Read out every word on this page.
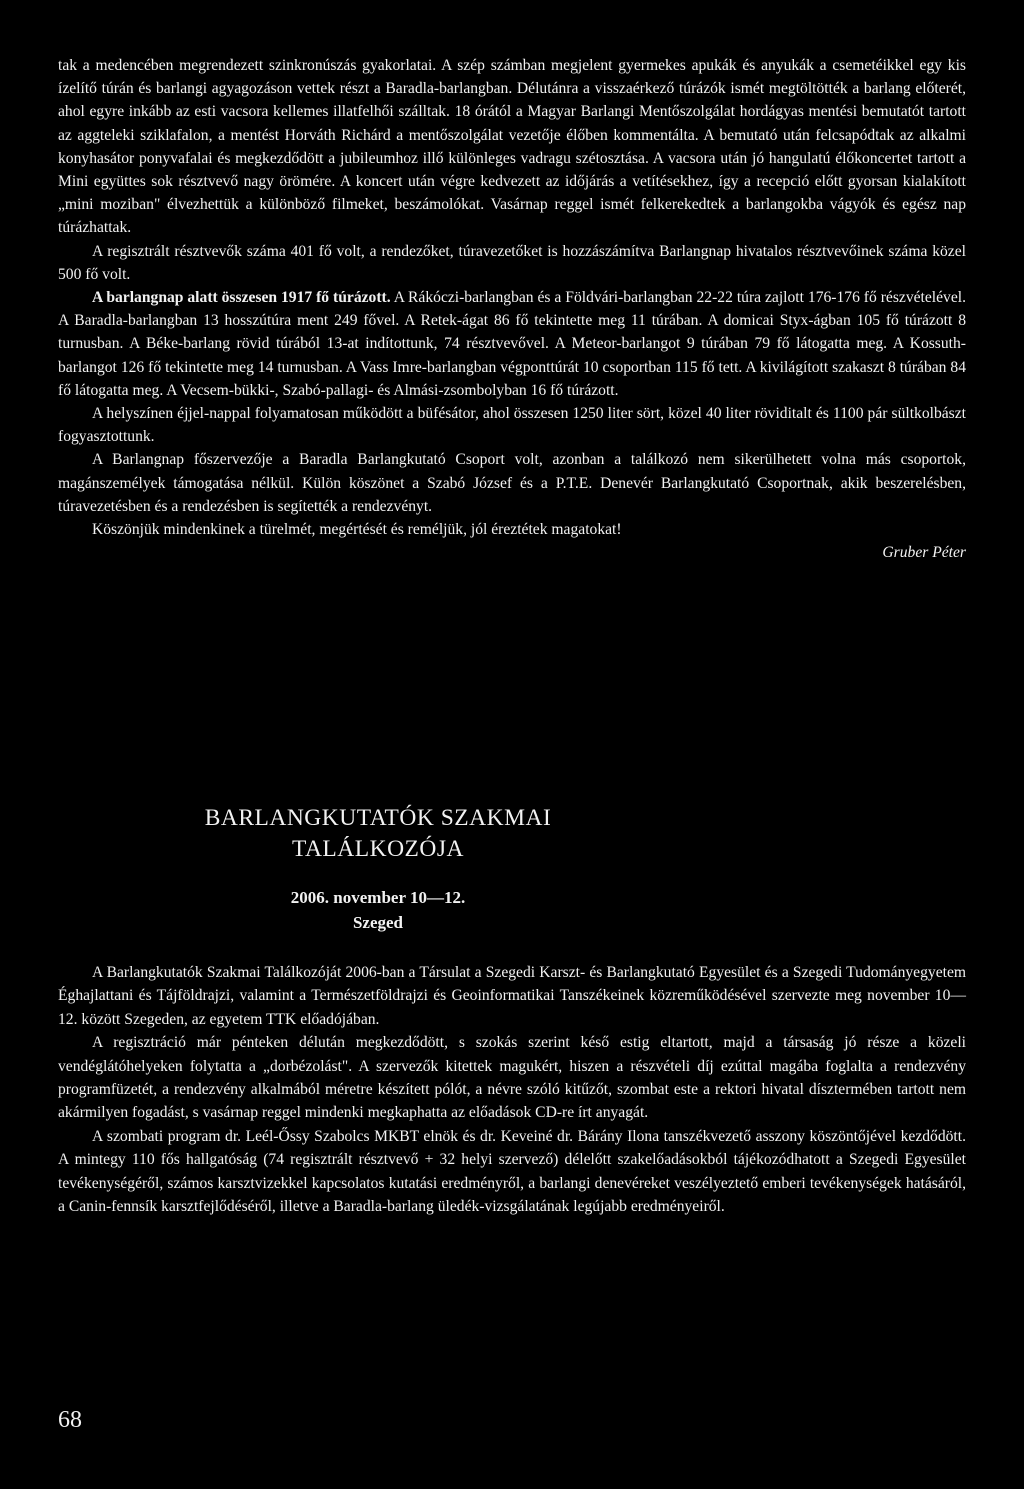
tak a medencében megrendezett szinkronúszás gyakorlatai. A szép számban megjelent gyermekes apukák és anyukák a csemetéikkel egy kis ízelítő túrán és barlangi agyagozáson vettek részt a Baradla-barlangban. Délutánra a visszaérkező túrázók ismét megtöltötték a barlang előterét, ahol egyre inkább az esti vacsora kellemes illatfelhői szálltak. 18 órától a Magyar Barlangi Mentőszolgálat hordágyas mentési bemutatót tartott az aggteleki sziklafalon, a mentést Horváth Richárd a mentőszolgálat vezetője élőben kommentálta. A bemutató után felcsapódtak az alkalmi konyhasátor ponyvafalai és megkezdődött a jubileumhoz illő különleges vadragu szétosztása. A vacsora után jó hangulatú élőkoncertet tartott a Mini együttes sok résztvevő nagy örömére. A koncert után végre kedvezett az időjárás a vetítésekhez, így a recepció előtt gyorsan kialakított „mini moziban" élvezhettük a különböző filmeket, beszámolókat. Vasárnap reggel ismét felkerekedtek a barlangokba vágyók és egész nap túrázhattak.

A regisztrált résztvevők száma 401 fő volt, a rendezőket, túravezetőket is hozzászámítva Barlangnap hivatalos résztvevőinek száma közel 500 fő volt.

A barlangnap alatt összesen 1917 fő túrázott. A Rákóczi-barlangban és a Földvári-barlangban 22-22 túra zajlott 176-176 fő részvételével. A Baradla-barlangban 13 hosszútúra ment 249 fővel. A Retek-ágat 86 fő tekintette meg 11 túrában. A domicai Styx-ágban 105 fő túrázott 8 turnusban. A Béke-barlang rövid túrából 13-at indítottunk, 74 résztvevővel. A Meteor-barlangot 9 túrában 79 fő látogatta meg. A Kossuth-barlangot 126 fő tekintette meg 14 turnusban. A Vass Imre-barlangban végponttúrát 10 csoportban 115 fő tett. A kivilágított szakaszt 8 túrában 84 fő látogatta meg. A Vecsem-bükki-, Szabó-pallagi- és Almási-zsombolyban 16 fő túrázott.

A helyszínen éjjel-nappal folyamatosan működött a büfésátor, ahol összesen 1250 liter sört, közel 40 liter röviditalt és 1100 pár sültkolbászt fogyasztottunk.

A Barlangnap főszervezője a Baradla Barlangkutató Csoport volt, azonban a találkozó nem sikerülhetett volna más csoportok, magánszemélyek támogatása nélkül. Külön köszönet a Szabó József és a P.T.E. Denevér Barlangkutató Csoportnak, akik beszerelésben, túravezetésben és a rendezésben is segítették a rendezvényt.

Köszönjük mindenkinek a türelmét, megértését és reméljük, jól éreztétek magatokat!

Gruber Péter

BARLANGKUTATÓK SZAKMAI
TALÁLKOZÓJA

2006. november 10—12.

Szeged

A Barlangkutatók Szakmai Találkozóját 2006-ban a Társulat a Szegedi Karszt- és Barlangkutató Egyesület és a Szegedi Tudományegyetem Éghajlattani és Tájföldrajzi, valamint a Természetföldrajzi és Geoinformatikai Tanszékeinek közreműködésével szervezte meg november 10—12. között Szegeden, az egyetem TTK előadójában.

A regisztráció már pénteken délután megkezdődött, s szokás szerint késő estig eltartott, majd a társaság jó része a közeli vendéglátóhelyeken folytatta a „dorbézolást". A szervezők kitettek magukért, hiszen a részvételi díj ezúttal magába foglalta a rendezvény programfüzetét, a rendezvény alkalmából méretre készített pólót, a névre szóló kitűzőt, szombat este a rektori hivatal dísztermében tartott nem akármilyen fogadást, s vasárnap reggel mindenki megkaphatta az előadások CD-re írt anyagát.

A szombati program dr. Leél-Őssy Szabolcs MKBT elnök és dr. Keveiné dr. Bárány Ilona tanszékvezető asszony köszöntőjével kezdődött. A mintegy 110 fős hallgatóság (74 regisztrált résztvevő + 32 helyi szervező) délelőtt szakelőadásokból tájékozódhatott a Szegedi Egyesület tevékenységéről, számos karsztvizekkel kapcsolatos kutatási eredményről, a barlangi denevéreket veszélyeztető emberi tevékenységek hatásáról, a Canin-fennsík karsztfejlődéséről, illetve a Baradla-barlang üledék-vizsgálatának legújabb eredményeiről.

68
